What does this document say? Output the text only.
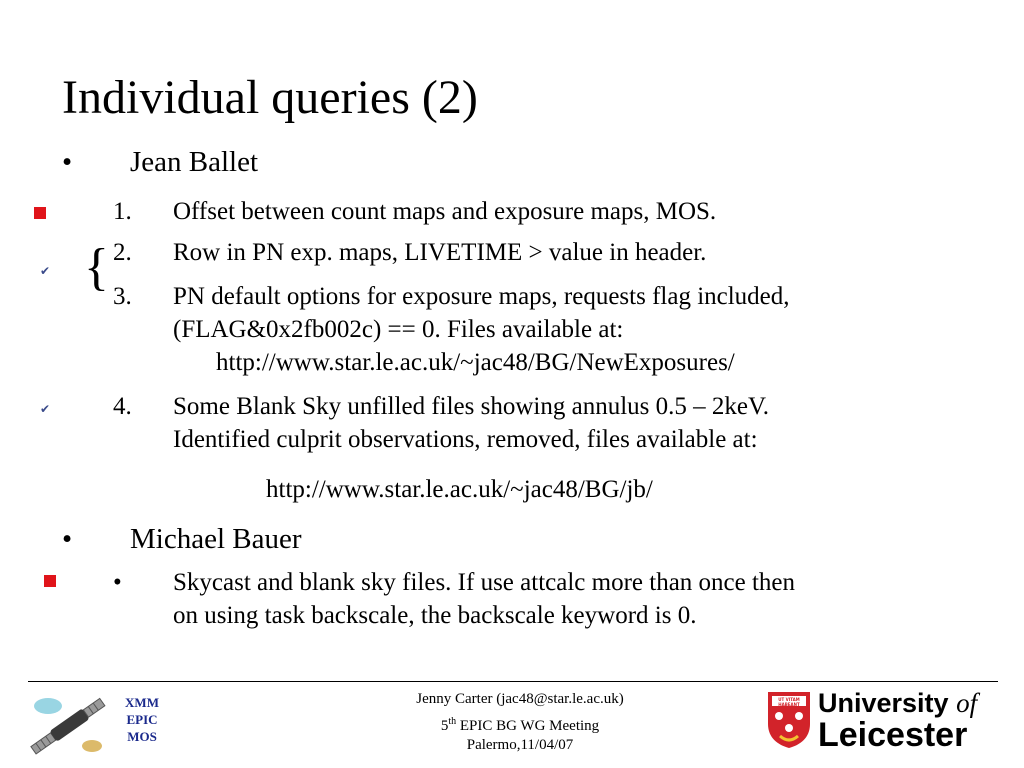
Individual queries (2)
• Jean Ballet
1.	Offset between count maps and exposure maps, MOS.
✔ { 2.	Row in PN exp. maps, LIVETIME > value in header.
3.	PN default options for exposure maps, requests flag included,
(FLAG&0x2fb002c) == 0. Files available at:
http://www.star.le.ac.uk/~jac48/BG/NewExposures/
✔	4.	Some Blank Sky unfilled files showing annulus 0.5 – 2keV.
Identified culprit observations, removed, files available at:
http://www.star.le.ac.uk/~jac48/BG/jb/
• Michael Bauer
•	Skycast and blank sky files. If use attcalc more than once then
on using task backscale, the backscale keyword is 0.
XMM
EPIC
MOS
Jenny Carter (jac48@star.le.ac.uk)
5th EPIC BG WG Meeting
Palermo,11/04/07
UT VITAM HABEANT University of
Leicester
